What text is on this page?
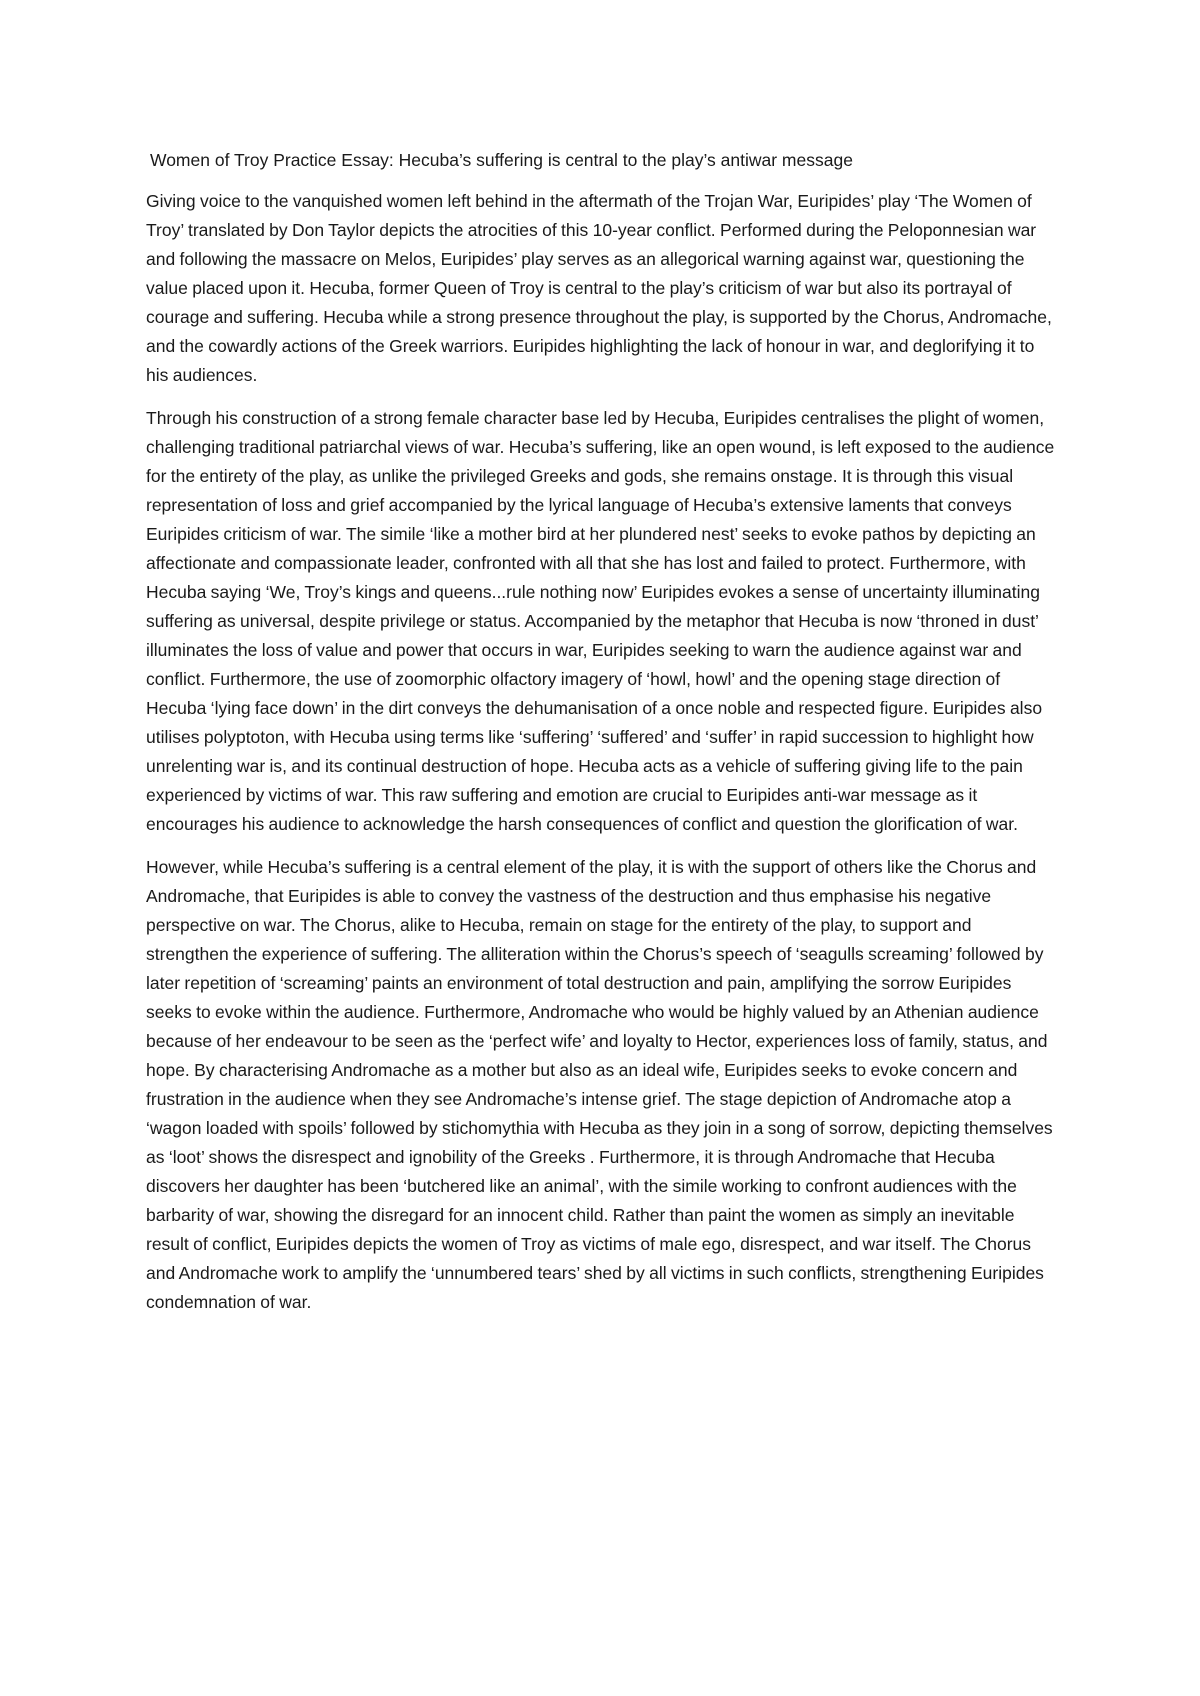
Women of Troy Practice Essay: Hecuba’s suffering is central to the play’s antiwar message

Giving voice to the vanquished women left behind in the aftermath of the Trojan War, Euripides’ play ‘The Women of Troy’ translated by Don Taylor depicts the atrocities of this 10-year conflict. Performed during the Peloponnesian war and following the massacre on Melos, Euripides’ play serves as an allegorical warning against war, questioning the value placed upon it. Hecuba, former Queen of Troy is central to the play’s criticism of war but also its portrayal of courage and suffering. Hecuba while a strong presence throughout the play, is supported by the Chorus, Andromache, and the cowardly actions of the Greek warriors. Euripides highlighting the lack of honour in war, and deglorifying it to his audiences.

Through his construction of a strong female character base led by Hecuba, Euripides centralises the plight of women, challenging traditional patriarchal views of war. Hecuba’s suffering, like an open wound, is left exposed to the audience for the entirety of the play, as unlike the privileged Greeks and gods, she remains onstage. It is through this visual representation of loss and grief accompanied by the lyrical language of Hecuba’s extensive laments that conveys Euripides criticism of war. The simile ‘like a mother bird at her plundered nest’ seeks to evoke pathos by depicting an affectionate and compassionate leader, confronted with all that she has lost and failed to protect. Furthermore, with Hecuba saying ‘We, Troy’s kings and queens...rule nothing now’ Euripides evokes a sense of uncertainty illuminating suffering as universal, despite privilege or status. Accompanied by the metaphor that Hecuba is now ‘throned in dust’ illuminates the loss of value and power that occurs in war, Euripides seeking to warn the audience against war and conflict. Furthermore, the use of zoomorphic olfactory imagery of ‘howl, howl’ and the opening stage direction of Hecuba ‘lying face down’ in the dirt conveys the dehumanisation of a once noble and respected figure. Euripides also utilises polyptoton, with Hecuba using terms like ‘suffering’ ‘suffered’ and ‘suffer’ in rapid succession to highlight how unrelenting war is, and its continual destruction of hope. Hecuba acts as a vehicle of suffering giving life to the pain experienced by victims of war. This raw suffering and emotion are crucial to Euripides anti-war message as it encourages his audience to acknowledge the harsh consequences of conflict and question the glorification of war.

However, while Hecuba’s suffering is a central element of the play, it is with the support of others like the Chorus and Andromache, that Euripides is able to convey the vastness of the destruction and thus emphasise his negative perspective on war. The Chorus, alike to Hecuba, remain on stage for the entirety of the play, to support and strengthen the experience of suffering. The alliteration within the Chorus’s speech of ‘seagulls screaming’ followed by later repetition of ‘screaming’ paints an environment of total destruction and pain, amplifying the sorrow Euripides seeks to evoke within the audience. Furthermore, Andromache who would be highly valued by an Athenian audience because of her endeavour to be seen as the ‘perfect wife’ and loyalty to Hector, experiences loss of family, status, and hope. By characterising Andromache as a mother but also as an ideal wife, Euripides seeks to evoke concern and frustration in the audience when they see Andromache’s intense grief. The stage depiction of Andromache atop a ‘wagon loaded with spoils’ followed by stichomythia with Hecuba as they join in a song of sorrow, depicting themselves as ‘loot’ shows the disrespect and ignobility of the Greeks . Furthermore, it is through Andromache that Hecuba discovers her daughter has been ‘butchered like an animal’, with the simile working to confront audiences with the barbarity of war, showing the disregard for an innocent child. Rather than paint the women as simply an inevitable result of conflict, Euripides depicts the women of Troy as victims of male ego, disrespect, and war itself. The Chorus and Andromache work to amplify the ‘unnumbered tears’ shed by all victims in such conflicts, strengthening Euripides condemnation of war.
